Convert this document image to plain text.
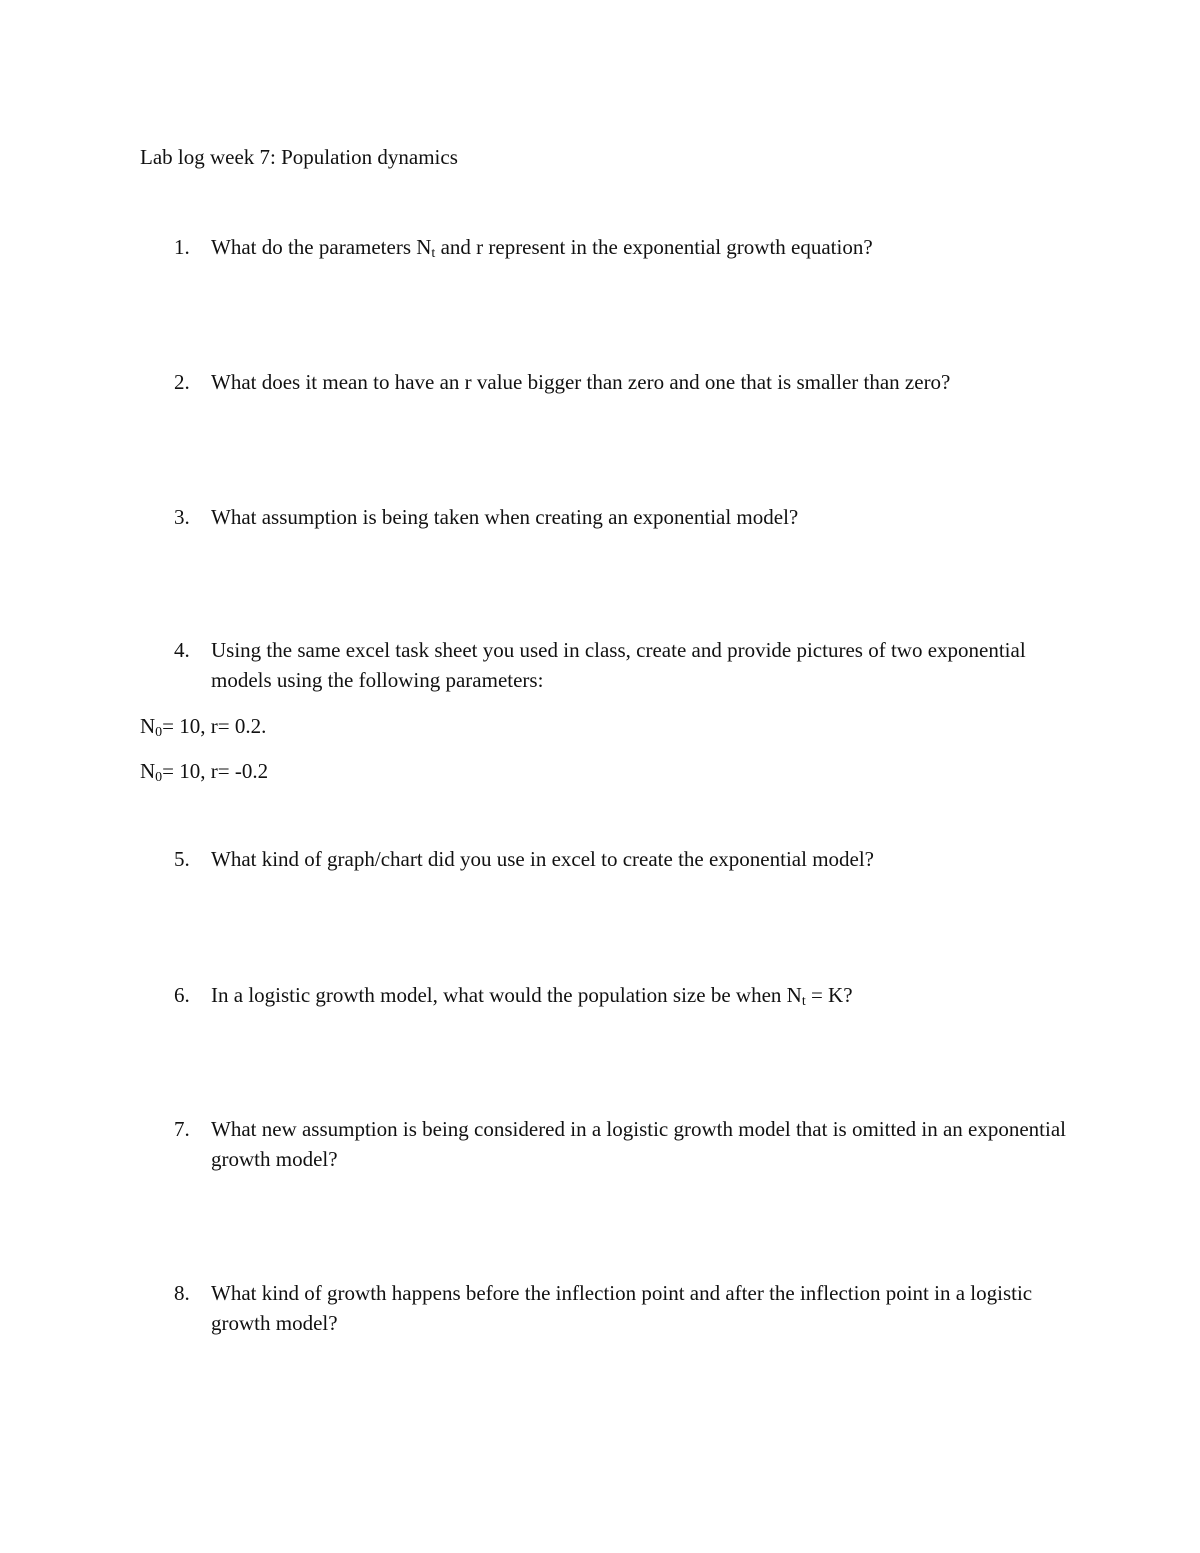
Lab log week 7: Population dynamics
1. What do the parameters $N_t$ and r represent in the exponential growth equation?
2. What does it mean to have an r value bigger than zero and one that is smaller than zero?
3. What assumption is being taken when creating an exponential model?
4. Using the same excel task sheet you used in class, create and provide pictures of two exponential models using the following parameters:
$N_0= 10$, r= 0.2.
$N_0= 10$, r= -0.2
5. What kind of graph/chart did you use in excel to create the exponential model?
6. In a logistic growth model, what would the population size be when $N_t = K$?
7. What new assumption is being considered in a logistic growth model that is omitted in an exponential growth model?
8. What kind of growth happens before the inflection point and after the inflection point in a logistic growth model?
